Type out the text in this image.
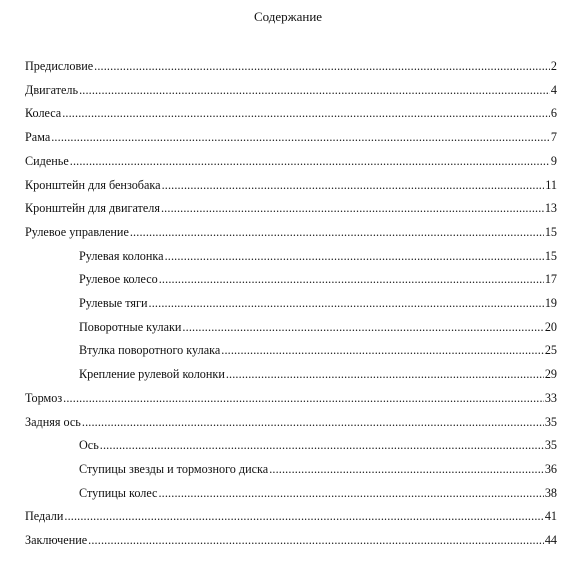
Содержание
Предисловие .....	2
Двигатель .....	4
Колеса .....	6
Рама .....	7
Сиденье .....	9
Кронштейн для бензобака .....	11
Кронштейн для двигателя .....	13
Рулевое управление .....	15
Рулевая колонка .....	15
Рулевое колесо .....	17
Рулевые тяги .....	19
Поворотные кулаки .....	20
Втулка поворотного кулака .....	25
Крепление рулевой колонки .....	29
Тормоз .....	33
Задняя ось .....	35
Ось .....	35
Ступицы звезды и тормозного диска .....	36
Ступицы колес .....	38
Педали .....	41
Заключение .....	44
